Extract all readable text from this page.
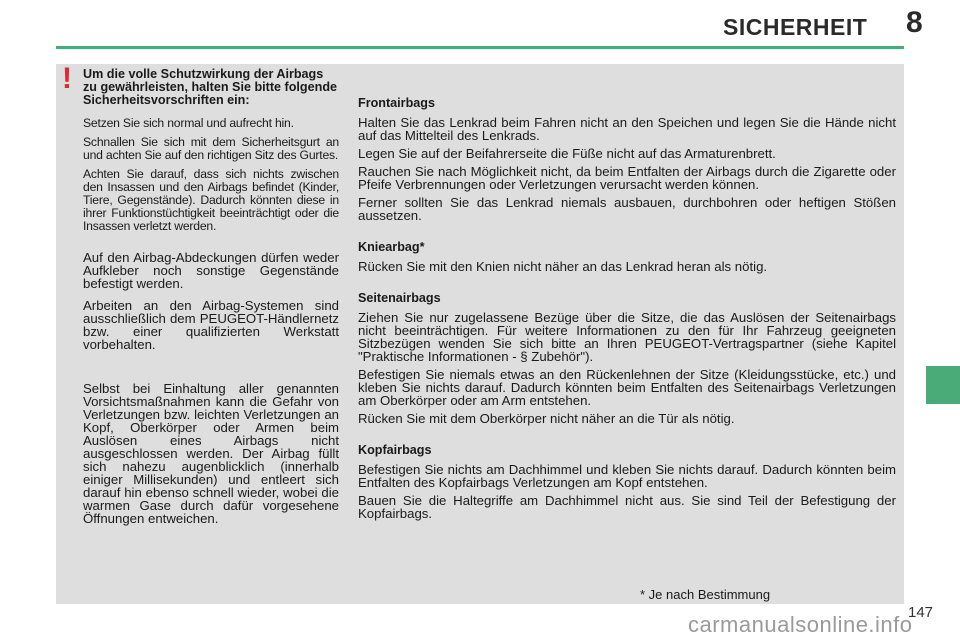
SICHERHEIT 8
! Um die volle Schutzwirkung der Airbags zu gewährleisten, halten Sie bitte folgende Sicherheitsvorschriften ein:

Setzen Sie sich normal und aufrecht hin.

Schnallen Sie sich mit dem Sicherheitsgurt an und achten Sie auf den richtigen Sitz des Gurtes.

Achten Sie darauf, dass sich nichts zwischen den Insassen und den Airbags befindet (Kinder, Tiere, Gegenstände). Dadurch könnten diese in ihrer Funktionstüchtigkeit beeinträchtigt oder die Insassen verletzt werden.

Auf den Airbag-Abdeckungen dürfen weder Aufkleber noch sonstige Gegenstände befestigt werden.

Arbeiten an den Airbag-Systemen sind ausschließlich dem PEUGEOT-Händlernetz bzw. einer qualifizierten Werkstatt vorbehalten.

Selbst bei Einhaltung aller genannten Vorsichtsmaßnahmen kann die Gefahr von Verletzungen bzw. leichten Verletzungen an Kopf, Oberkörper oder Armen beim Auslösen eines Airbags nicht ausgeschlossen werden. Der Airbag füllt sich nahezu augenblicklich (innerhalb einiger Millisekunden) und entleert sich darauf hin ebenso schnell wieder, wobei die warmen Gase durch dafür vorgesehene Öffnungen entweichen.

Frontairbags

Halten Sie das Lenkrad beim Fahren nicht an den Speichen und legen Sie die Hände nicht auf das Mittelteil des Lenkrads.

Legen Sie auf der Beifahrerseite die Füße nicht auf das Armaturenbrett.

Rauchen Sie nach Möglichkeit nicht, da beim Entfalten der Airbags durch die Zigarette oder Pfeife Verbrennungen oder Verletzungen verursacht werden können.

Ferner sollten Sie das Lenkrad niemals ausbauen, durchbohren oder heftigen Stößen aussetzen.

Kniearbag*

Rücken Sie mit den Knien nicht näher an das Lenkrad heran als nötig.

Seitenairbags

Ziehen Sie nur zugelassene Bezüge über die Sitze, die das Auslösen der Seitenairbags nicht beeinträchtigen. Für weitere Informationen zu den für Ihr Fahrzeug geeigneten Sitzbezügen wenden Sie sich bitte an Ihren PEUGEOT-Vertragspartner (siehe Kapitel "Praktische Informationen - § Zubehör").

Befestigen Sie niemals etwas an den Rückenlehnen der Sitze (Kleidungsstücke, etc.) und kleben Sie nichts darauf. Dadurch könnten beim Entfalten des Seitenairbags Verletzungen am Oberkörper oder am Arm entstehen.

Rücken Sie mit dem Oberkörper nicht näher an die Tür als nötig.

Kopfairbags

Befestigen Sie nichts am Dachhimmel und kleben Sie nichts darauf. Dadurch könnten beim Entfalten des Kopfairbags Verletzungen am Kopf entstehen.

Bauen Sie die Haltegriffe am Dachhimmel nicht aus. Sie sind Teil der Befestigung der Kopfairbags.

* Je nach Bestimmung
147
carmanualsonline.info
